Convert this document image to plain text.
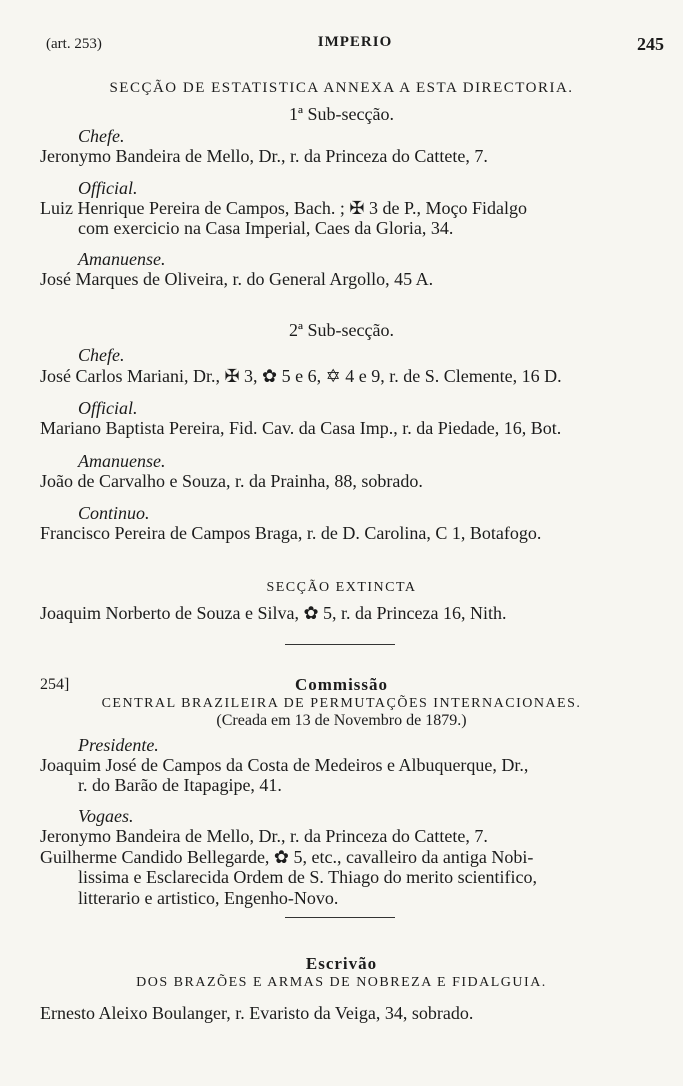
(art. 253)	IMPERIO	245
SECÇÃO DE ESTATISTICA ANNEXA A ESTA DIRECTORIA.
1ª Sub-secção.
Chefe.
Jeronymo Bandeira de Mello, Dr., r. da Princeza do Cattete, 7.
Official.
Luiz Henrique Pereira de Campos, Bach. ; ✠ 3 de P., Moço Fidalgo
com exercicio na Casa Imperial, Caes da Gloria, 34.
Amanuense.
José Marques de Oliveira, r. do General Argollo, 45 A.
2ª Sub-secção.
Chefe.
José Carlos Mariani, Dr., ✠ 3, ✿ 5 e 6, ✡ 4 e 9, r. de S. Clemente, 16 D.
Official.
Mariano Baptista Pereira, Fid. Cav. da Casa Imp., r. da Piedade, 16, Bot.
Amanuense.
João de Carvalho e Souza, r. da Prainha, 88, sobrado.
Continuo.
Francisco Pereira de Campos Braga, r. de D. Carolina, C 1, Botafogo.
SECÇÃO EXTINCTA
Joaquim Norberto de Souza e Silva, ✿ 5, r. da Princeza 16, Nith.
254]	Commissão
CENTRAL BRAZILEIRA DE PERMUTAÇÕES INTERNACIONAES.
(Creada em 13 de Novembro de 1879.)
Presidente.
Joaquim José de Campos da Costa de Medeiros e Albuquerque, Dr.,
r. do Barão de Itapagipe, 41.
Vogaes.
Jeronymo Bandeira de Mello, Dr., r. da Princeza do Cattete, 7.
Guilherme Candido Bellegarde, ✿ 5, etc., cavalleiro da antiga Nobi-
lissima e Esclarecida Ordem de S. Thiago do merito scientifico,
litterario e artistico, Engenho-Novo.
Escrivão
DOS BRAZÕES E ARMAS DE NOBREZA E FIDALGUIA.
Ernesto Aleixo Boulanger, r. Evaristo da Veiga, 34, sobrado.
